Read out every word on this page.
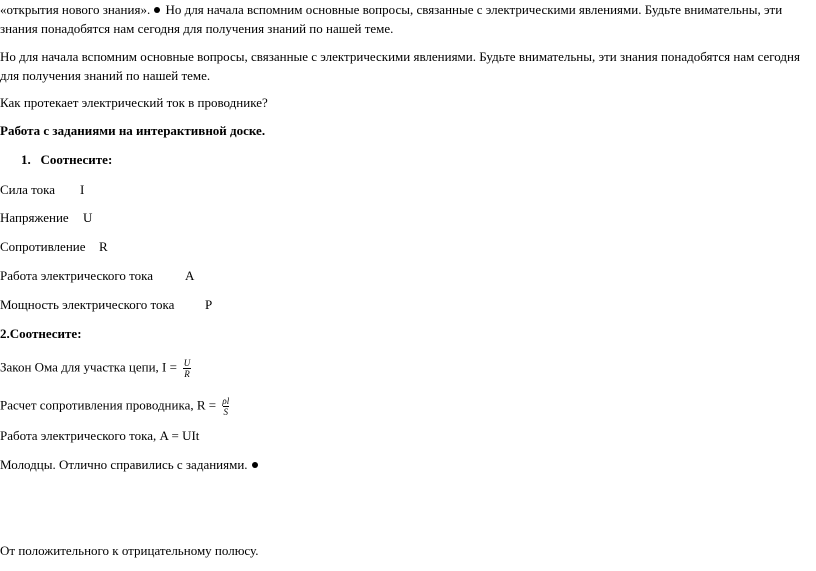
«открытия нового знания». Но для начала вспомним основные вопросы, связанные с электрическими явлениями. Будьте внимательны, эти знания понадобятся нам сегодня для получения знаний по нашей теме.
Но для начала вспомним основные вопросы, связанные с электрическими явлениями. Будьте внимательны, эти знания понадобятся нам сегодня для получения знаний по нашей теме.
Как протекает электрический ток в проводнике?
Работа с заданиями на интерактивной доске.
1. Соотнесите:
Сила тока I
Напряжение U
Сопротивление R
Работа электрического тока A
Мощность электрического тока P
2.Соотнесите:
Закон Ома для участка цепи, $I = \frac{U}{R}$
Расчет сопротивления проводника, $R = \frac{\rho l}{S}$
Работа электрического тока, A = UIt
Молодцы. Отлично справились с заданиями.
От положительного к отрицательному полюсу.
